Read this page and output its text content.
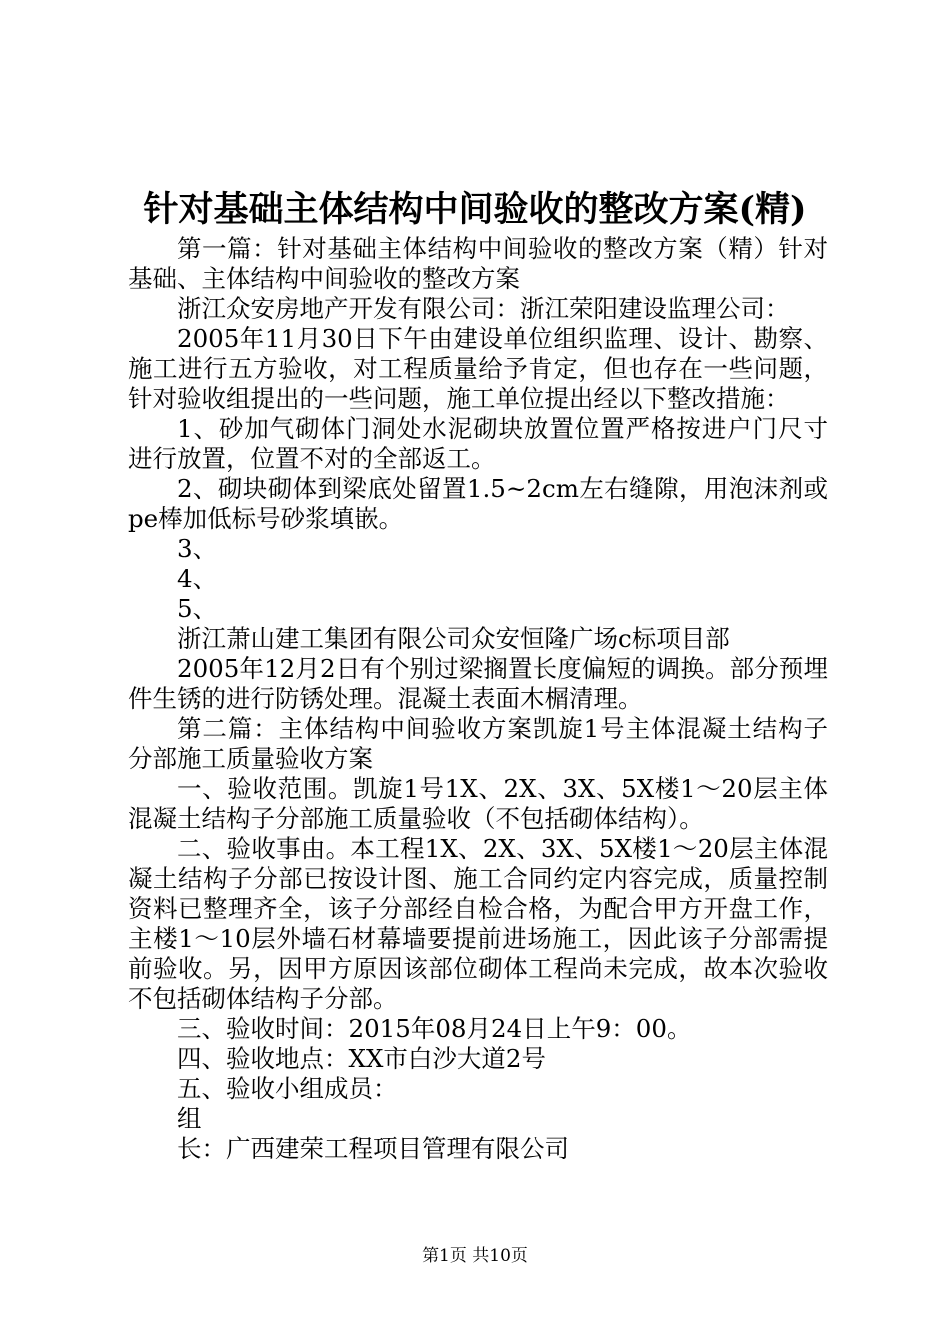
针对基础主体结构中间验收的整改方案(精)

第一篇：针对基础主体结构中间验收的整改方案（精）针对基础、主体结构中间验收的整改方案

浙江众安房地产开发有限公司：浙江荣阳建设监理公司：

2005年11月30日下午由建设单位组织监理、设计、勘察、施工进行五方验收，对工程质量给予肯定，但也存在一些问题，针对验收组提出的一些问题，施工单位提出经以下整改措施：

1、砂加气砌体门洞处水泥砌块放置位置严格按进户门尺寸进行放置，位置不对的全部返工。

2、砌块砌体到梁底处留置1.5~2cm左右缝隙，用泡沫剂或pe棒加低标号砂浆填嵌。

3、

4、

5、

浙江萧山建工集团有限公司众安恒隆广场c标项目部

2005年12月2日有个别过梁搁置长度偏短的调换。部分预埋件生锈的进行防锈处理。混凝土表面木榍清理。

第二篇：主体结构中间验收方案凯旋1号主体混凝土结构子分部施工质量验收方案

一、验收范围。凯旋1号1X、2X、3X、5X楼1～20层主体混凝土结构子分部施工质量验收（不包括砌体结构）。

二、验收事由。本工程1X、2X、3X、5X楼1～20层主体混凝土结构子分部已按设计图、施工合同约定内容完成，质量控制资料已整理齐全，该子分部经自检合格，为配合甲方开盘工作，主楼1～10层外墙石材幕墙要提前进场施工，因此该子分部需提前验收。另，因甲方原因该部位砌体工程尚未完成，故本次验收不包括砌体结构子分部。

三、验收时间：2015年08月24日上午9：00。

四、验收地点：XX市白沙大道2号

五、验收小组成员：

组

长：广西建荣工程项目管理有限公司

第1页 共10页
